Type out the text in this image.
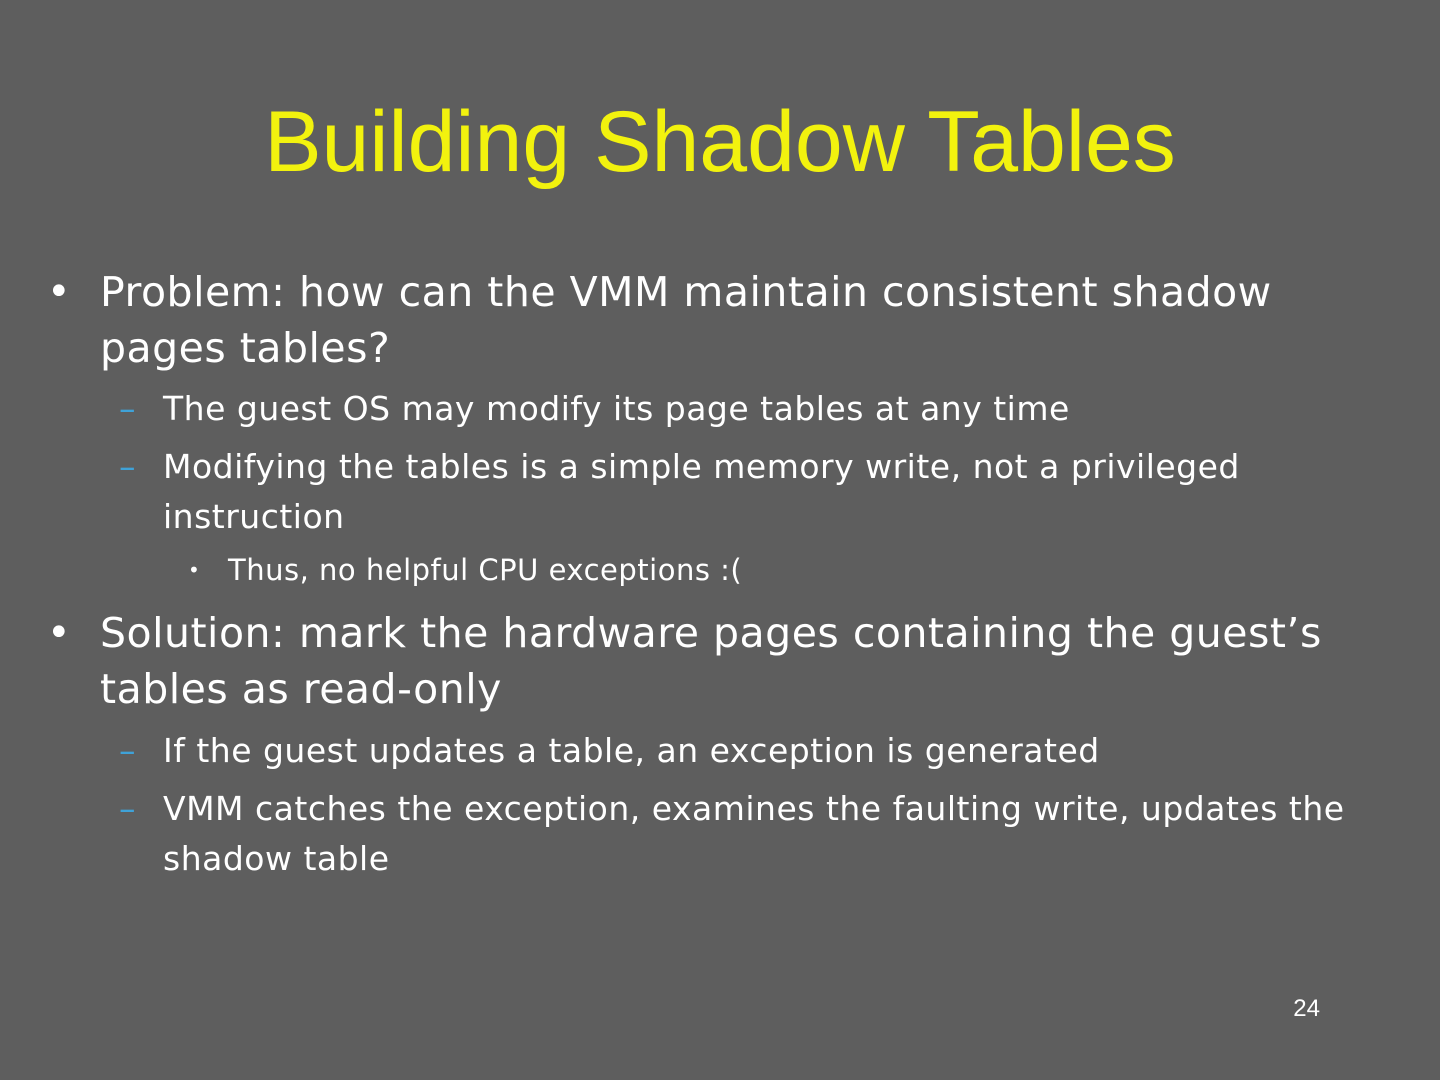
Building Shadow Tables
• Problem: how can the VMM maintain consistent shadow pages tables?
– The guest OS may modify its page tables at any time
– Modifying the tables is a simple memory write, not a privileged instruction
• Thus, no helpful CPU exceptions :(
• Solution: mark the hardware pages containing the guest’s tables as read-only
– If the guest updates a table, an exception is generated
– VMM catches the exception, examines the faulting write, updates the shadow table
24
